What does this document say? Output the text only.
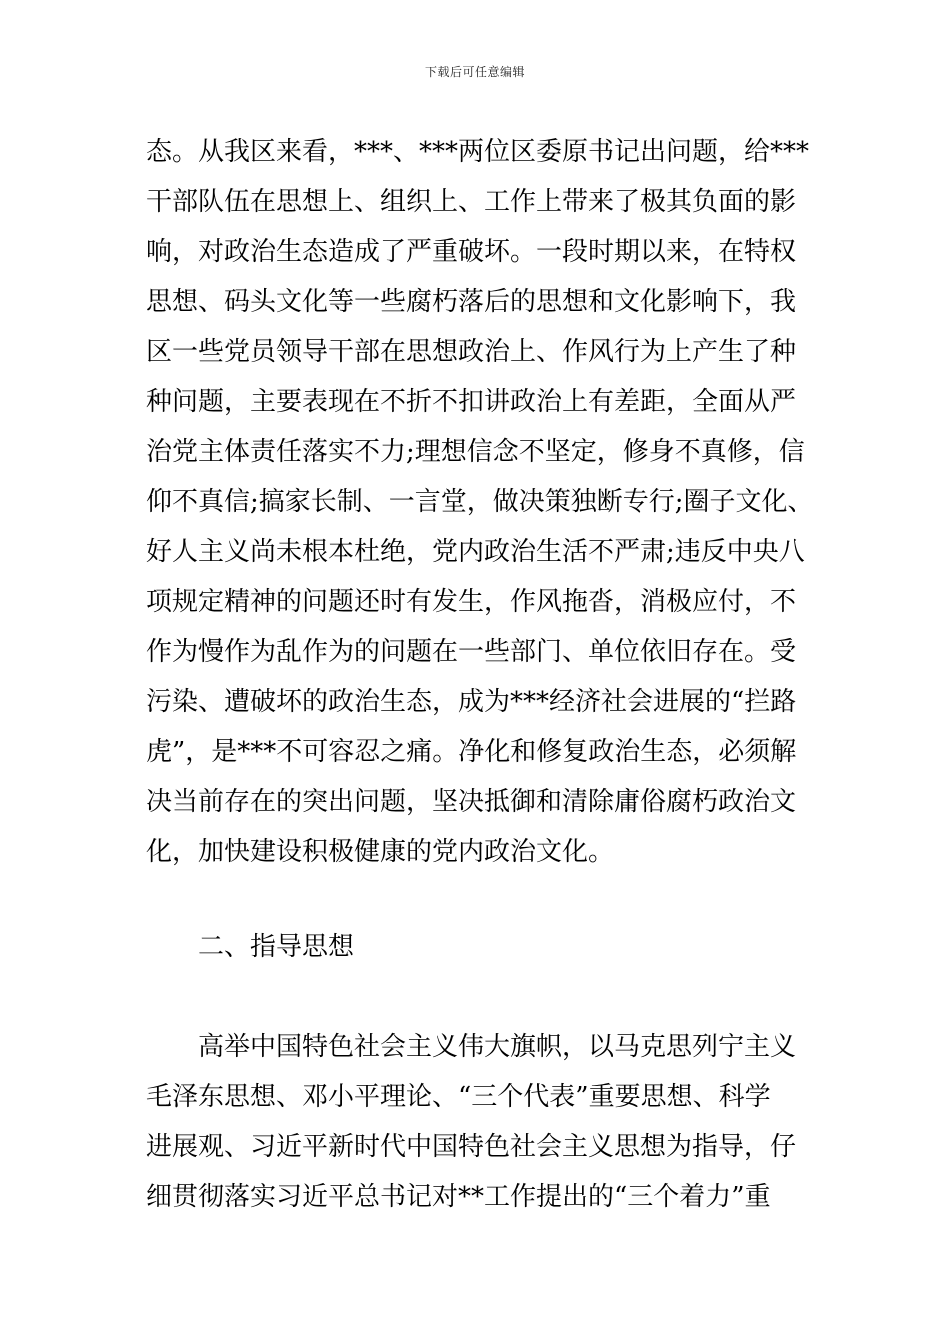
下载后可任意编辑
态。从我区来看，***、***两位区委原书记出问题，给***
干部队伍在思想上、组织上、工作上带来了极其负面的影
响，对政治生态造成了严重破坏。一段时期以来，在特权
思想、码头文化等一些腐朽落后的思想和文化影响下，我
区一些党员领导干部在思想政治上、作风行为上产生了种
种问题，主要表现在不折不扣讲政治上有差距，全面从严
治党主体责任落实不力;理想信念不坚定，修身不真修，信
仰不真信;搞家长制、一言堂，做决策独断专行;圈子文化、
好人主义尚未根本杜绝，党内政治生活不严肃;违反中央八
项规定精神的问题还时有发生，作风拖沓，消极应付，不
作为慢作为乱作为的问题在一些部门、单位依旧存在。受
污染、遭破坏的政治生态，成为***经济社会进展的“拦路
虎”，是***不可容忍之痛。净化和修复政治生态，必须解
决当前存在的突出问题，坚决抵御和清除庸俗腐朽政治文
化，加快建设积极健康的党内政治文化。
二、指导思想
高举中国特色社会主义伟大旗帜，以马克思列宁主义
毛泽东思想、邓小平理论、“三个代表”重要思想、科学
进展观、习近平新时代中国特色社会主义思想为指导，仔
细贯彻落实习近平总书记对**工作提出的“三个着力”重
